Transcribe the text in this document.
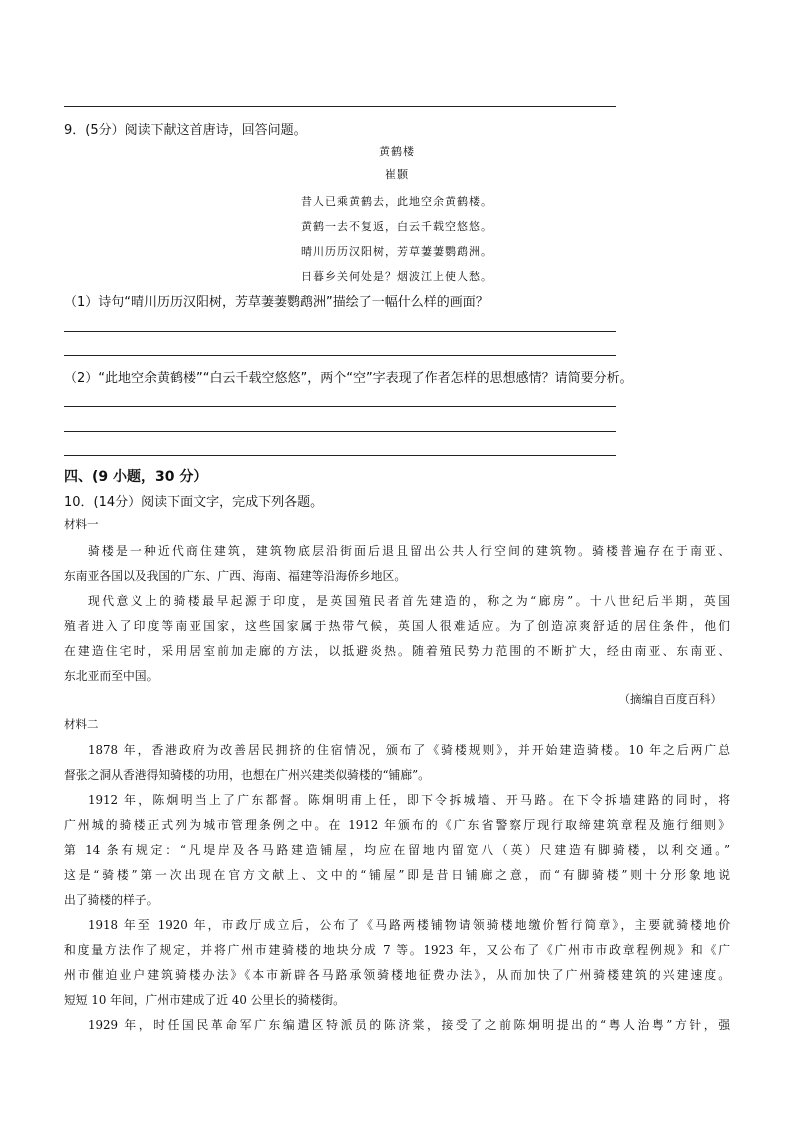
9．(5分）阅读下献这首唐诗，回答问题。
黄鹤楼
崔颢
昔人已乘黄鹤去，此地空余黄鹤楼。
黄鹤一去不复返，白云千载空悠悠。
晴川历历汉阳树，芳草萋萋鹦鹉洲。
日暮乡关何处是？烟波江上使人愁。
（1）诗句“晴川历历汉阳树，芳草萋萋鹦鹉洲”描绘了一幅什么样的画面？
（2）“此地空余黄鹤楼”“白云千载空悠悠”，两个“空”字表现了作者怎样的思想感情？请简要分析。
四、(9 小题，30 分）
10．(14分）阅读下面文字，完成下列各题。
材料一
骑楼是一种近代商住建筑，建筑物底层沿街面后退且留出公共人行空间的建筑物。骑楼普遍存在于南亚、
东南亚各国以及我国的广东、广西、海南、福建等沿海侨乡地区。
现代意义上的骑楼最早起源于印度，是英国殖民者首先建造的，称之为“廊房”。十八世纪后半期，英国
殖者进入了印度等南亚国家，这些国家属于热带气候，英国人很难适应。为了创造凉爽舒适的居住条件，他们
在建造住宅时，采用居室前加走廊的方法，以抵避炎热。随着殖民势力范围的不断扩大，经由南亚、东南亚、
东北亚而至中国。
（摘编自百度百科）
材料二
1878 年，香港政府为改善居民拥挤的住宿情况，颁布了《骑楼规则》，并开始建造骑楼。10 年之后两广总
督张之洞从香港得知骑楼的功用，也想在广州兴建类似骑楼的“铺廊”。
1912 年，陈炯明当上了广东都督。陈炯明甫上任，即下令拆城墙、开马路。在下令拆墙建路的同时，将
广州城的骑楼正式列为城市管理条例之中。在 1912 年颁布的《广东省警察厅现行取缔建筑章程及施行细则》
第 14 条有规定：“凡堤岸及各马路建造铺屋，均应在留地内留宽八（英）尺建造有脚骑楼，以利交通。”
这是“骑楼”第一次出现在官方文献上、文中的“铺屋”即是昔日铺廊之意，而“有脚骑楼”则十分形象地说
出了骑楼的样子。
1918 年至 1920 年，市政厅成立后，公布了《马路两楼铺物请领骑楼地缴价暂行简章》，主要就骑楼地价
和度量方法作了规定，并将广州市建骑楼的地块分成 7 等。1923 年，又公布了《广州市市政章程例规》和《广
州市催迫业户建筑骑楼办法》《本市新辟各马路承领骑楼地征费办法》，从而加快了广州骑楼建筑的兴建速度。
短短 10 年间，广州市建成了近 40 公里长的骑楼街。
1929 年，时任国民革命军广东编遣区特派员的陈济棠，接受了之前陈炯明提出的“粤人治粤”方针，强
